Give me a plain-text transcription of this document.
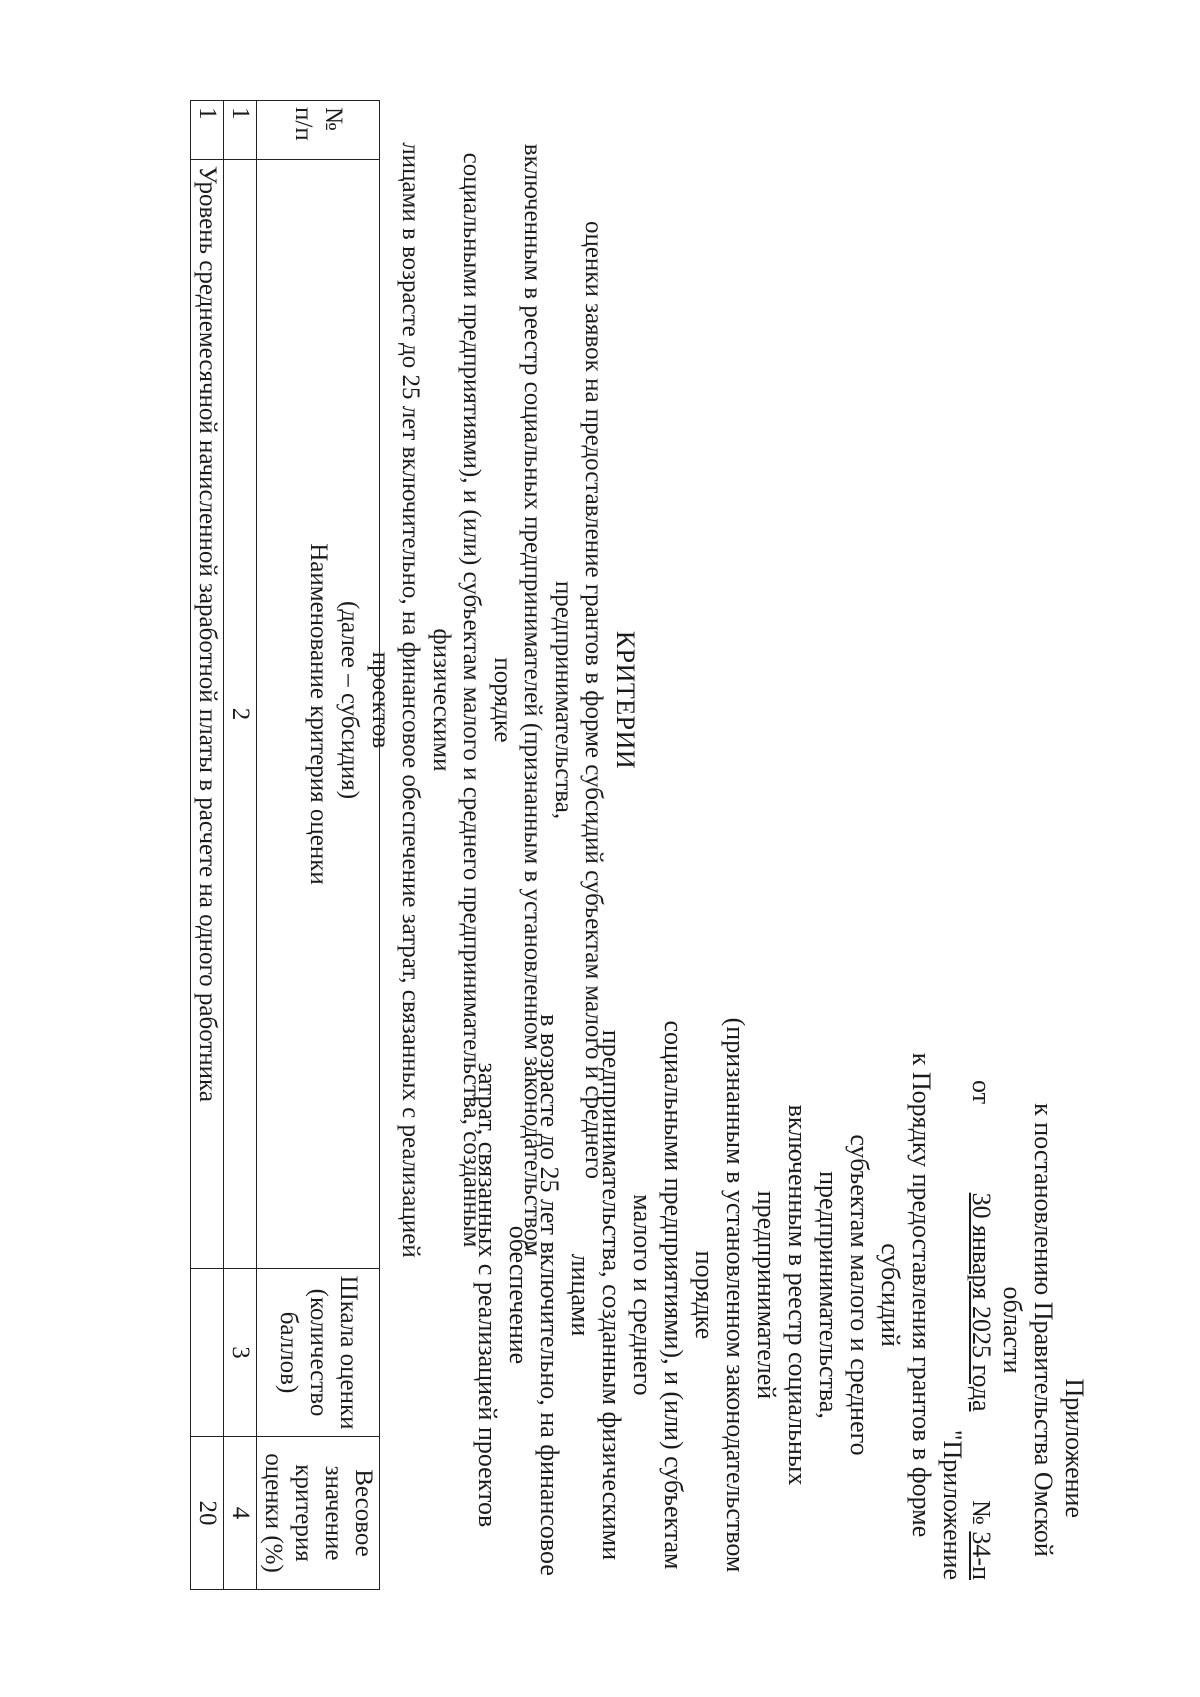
Приложение
к постановлению Правительства Омской области
от
30 января 2025 года
№ 34-п
"Приложение
к Порядку предоставления грантов в форме субсидий
субъектам малого и среднего предпринимательства,
включенным в реестр социальных предпринимателей
(признанным в установленном законодательством порядке
социальными предприятиями), и (или) субъектам малого и среднего
предпринимательства, созданным физическими лицами
в возрасте до 25 лет включительно, на финансовое обеспечение
затрат, связанных с реализацией проектов
КРИТЕРИИ
оценки заявок на предоставление грантов в форме субсидий субъектам малого и среднего предпринимательства,
включенным в реестр социальных предпринимателей (признанным в установленном законодательством порядке
социальными предприятиями), и (или) субъектам малого и среднего предпринимательства, созданным физическими
лицами в возрасте до 25 лет включительно, на финансовое обеспечение затрат, связанных с реализацией проектов
(далее – субсидия)
№ п/п	Наименование критерия оценки	Шкала оценки (количество баллов)	Весовое значение критерия оценки (%)
1	2	3	4
1	Уровень среднемесячной начисленной заработной платы в расчете на одного работника		20
